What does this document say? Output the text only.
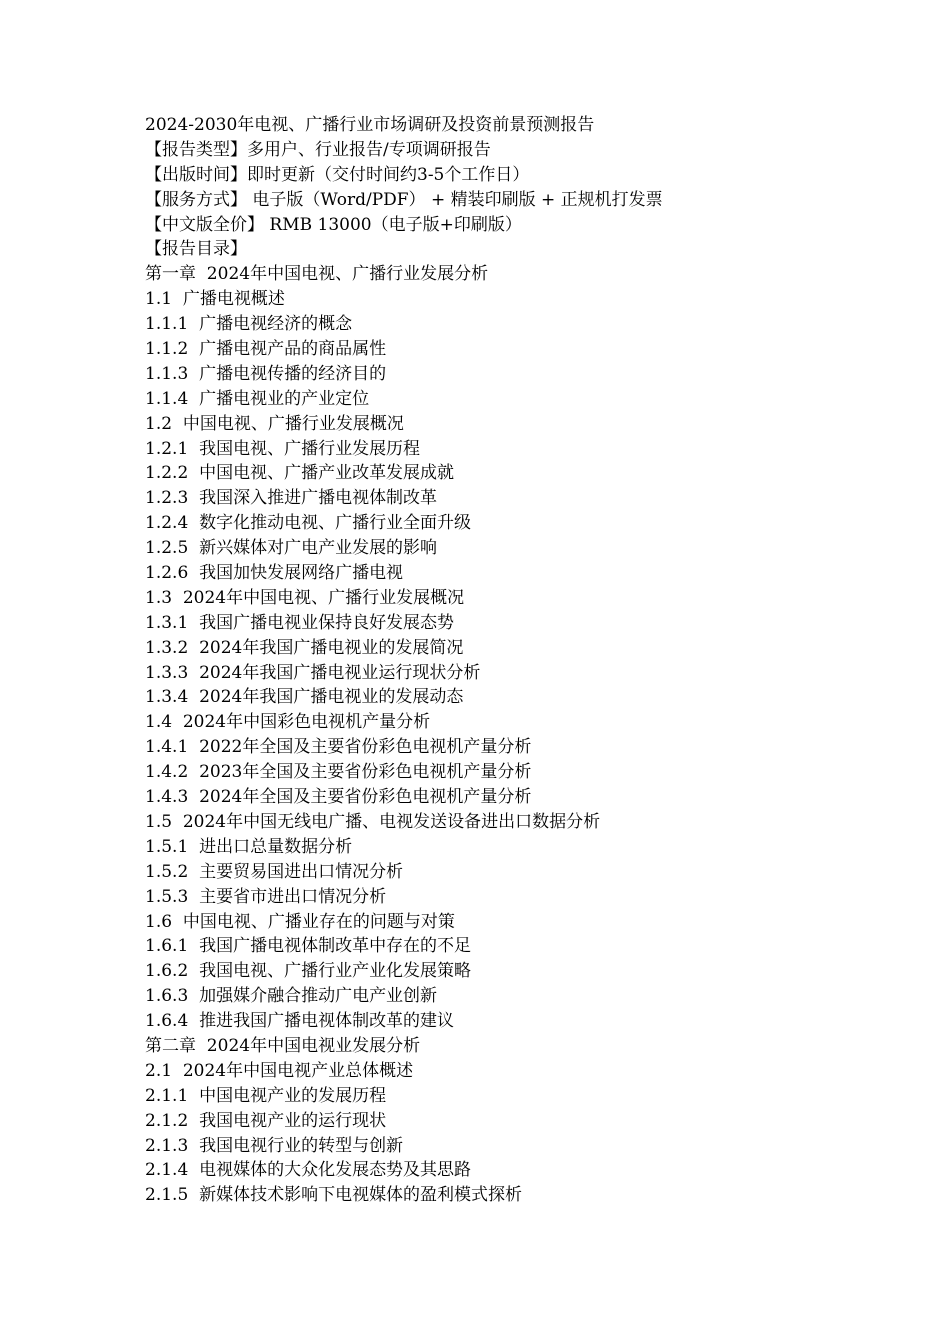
2024-2030年电视、广播行业市场调研及投资前景预测报告
【报告类型】多用户、行业报告/专项调研报告
【出版时间】即时更新（交付时间约3-5个工作日）
【服务方式】 电子版（Word/PDF） + 精装印刷版 + 正规机打发票
【中文版全价】 RMB 13000（电子版+印刷版）
【报告目录】
第一章  2024年中国电视、广播行业发展分析
1.1  广播电视概述
1.1.1  广播电视经济的概念
1.1.2  广播电视产品的商品属性
1.1.3  广播电视传播的经济目的
1.1.4  广播电视业的产业定位
1.2  中国电视、广播行业发展概况
1.2.1  我国电视、广播行业发展历程
1.2.2  中国电视、广播产业改革发展成就
1.2.3  我国深入推进广播电视体制改革
1.2.4  数字化推动电视、广播行业全面升级
1.2.5  新兴媒体对广电产业发展的影响
1.2.6  我国加快发展网络广播电视
1.3  2024年中国电视、广播行业发展概况
1.3.1  我国广播电视业保持良好发展态势
1.3.2  2024年我国广播电视业的发展简况
1.3.3  2024年我国广播电视业运行现状分析
1.3.4  2024年我国广播电视业的发展动态
1.4  2024年中国彩色电视机产量分析
1.4.1  2022年全国及主要省份彩色电视机产量分析
1.4.2  2023年全国及主要省份彩色电视机产量分析
1.4.3  2024年全国及主要省份彩色电视机产量分析
1.5  2024年中国无线电广播、电视发送设备进出口数据分析
1.5.1  进出口总量数据分析
1.5.2  主要贸易国进出口情况分析
1.5.3  主要省市进出口情况分析
1.6  中国电视、广播业存在的问题与对策
1.6.1  我国广播电视体制改革中存在的不足
1.6.2  我国电视、广播行业产业化发展策略
1.6.3  加强媒介融合推动广电产业创新
1.6.4  推进我国广播电视体制改革的建议
第二章  2024年中国电视业发展分析
2.1  2024年中国电视产业总体概述
2.1.1  中国电视产业的发展历程
2.1.2  我国电视产业的运行现状
2.1.3  我国电视行业的转型与创新
2.1.4  电视媒体的大众化发展态势及其思路
2.1.5  新媒体技术影响下电视媒体的盈利模式探析
